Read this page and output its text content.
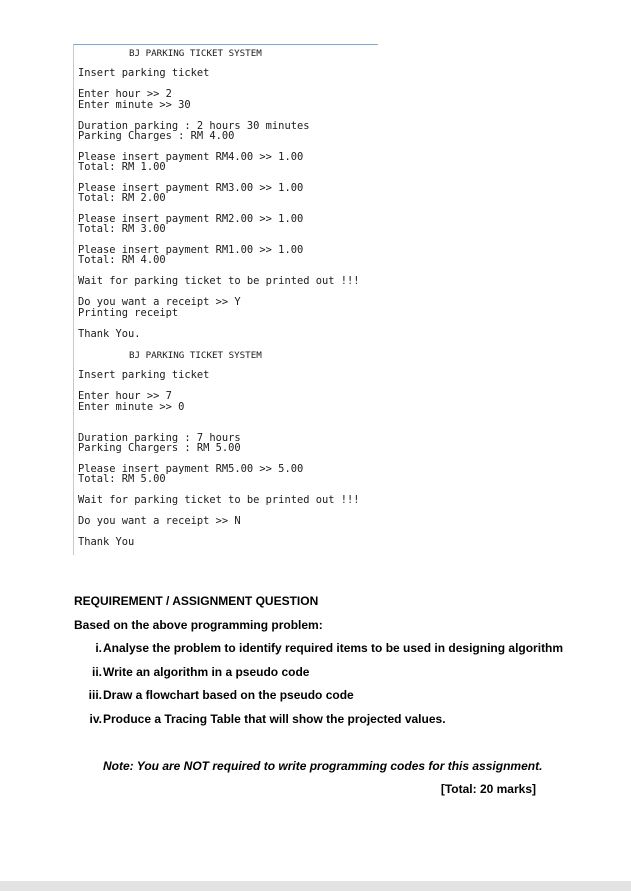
BJ PARKING TICKET SYSTEM

Insert parking ticket

Enter hour >> 2

Enter minute >> 30

Duration parking : 2 hours 30 minutes

Parking Charges : RM 4.00

Please insert payment RM4.00 >> 1.00

Total: RM 1.00

Please insert payment RM3.00 >> 1.00

Total: RM 2.00

Please insert payment RM2.00 >> 1.00

Total: RM 3.00

Please insert payment RM1.00 >> 1.00

Total: RM 4.00

Wait for parking ticket to be printed out !!!

Do you want a receipt >> Y

Printing receipt

Thank You.

BJ PARKING TICKET SYSTEM

Insert parking ticket

Enter hour >> 7

Enter minute >> 0

Duration parking : 7 hours

Parking Chargers : RM 5.00

Please insert payment RM5.00 >> 5.00

Total: RM 5.00

Wait for parking ticket to be printed out !!!

Do you want a receipt >> N

Thank You

REQUIREMENT / ASSIGNMENT QUESTION
Based on the above programming problem:
i. Analyse the problem to identify required items to be used in designing algorithm
ii. Write an algorithm in a pseudo code
iii. Draw a flowchart based on the pseudo code
iv. Produce a Tracing Table that will show the projected values.
Note: You are NOT required to write programming codes for this assignment.
[Total: 20 marks]
